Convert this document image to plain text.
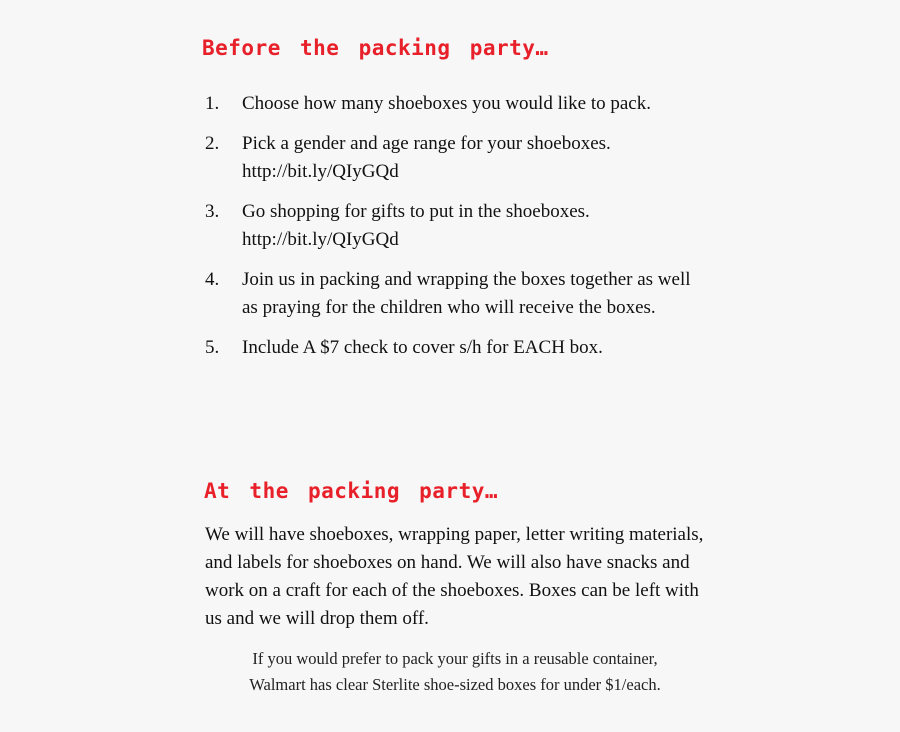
Before the packing party…
1. Choose how many shoeboxes you would like to pack.
2. Pick a gender and age range for your shoeboxes.
http://bit.ly/QIyGQd
3. Go shopping for gifts to put in the shoeboxes.
http://bit.ly/QIyGQd
4. Join us in packing and wrapping the boxes together as well as praying for the children who will receive the boxes.
5. Include A $7 check to cover s/h for EACH box.
At the packing party…

We will have shoeboxes, wrapping paper, letter writing materials, and labels for shoeboxes on hand. We will also have snacks and work on a craft for each of the shoeboxes. Boxes can be left with us and we will drop them off.

If you would prefer to pack your gifts in a reusable container,
Walmart has clear Sterlite shoe-sized boxes for under $1/each.
